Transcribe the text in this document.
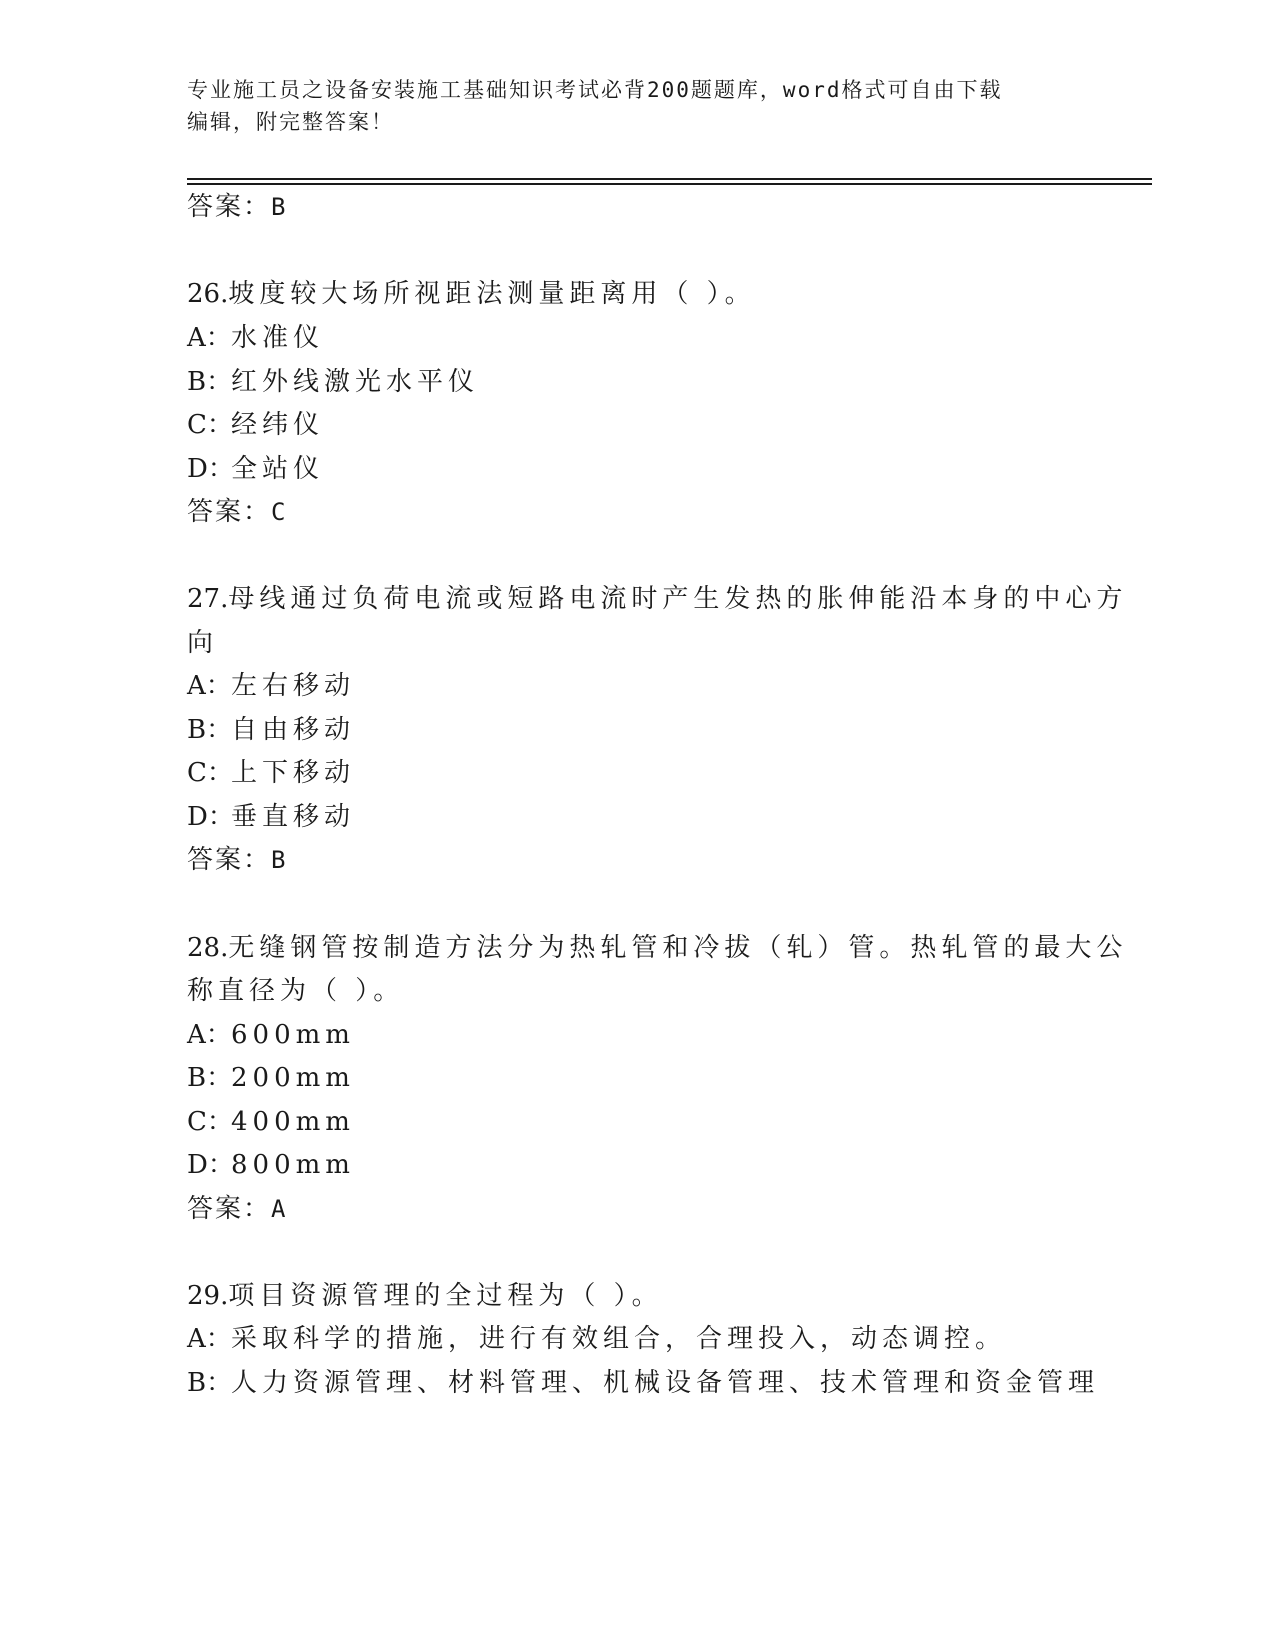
专业施工员之设备安装施工基础知识考试必背200题题库，word格式可自由下载
编辑，附完整答案！
答案：B
26.坡度较大场所视距法测量距离用（ ）。
A：水准仪
B：红外线激光水平仪
C：经纬仪
D：全站仪
答案：C
27.母线通过负荷电流或短路电流时产生发热的胀伸能沿本身的中心方
向
A：左右移动
B：自由移动
C：上下移动
D：垂直移动
答案：B
28.无缝钢管按制造方法分为热轧管和冷拔（轧）管。热轧管的最大公
称直径为（ ）。
A：600mm
B：200mm
C：400mm
D：800mm
答案：A
29.项目资源管理的全过程为（ ）。
A：采取科学的措施，进行有效组合，合理投入，动态调控。
B：人力资源管理、材料管理、机械设备管理、技术管理和资金管理
